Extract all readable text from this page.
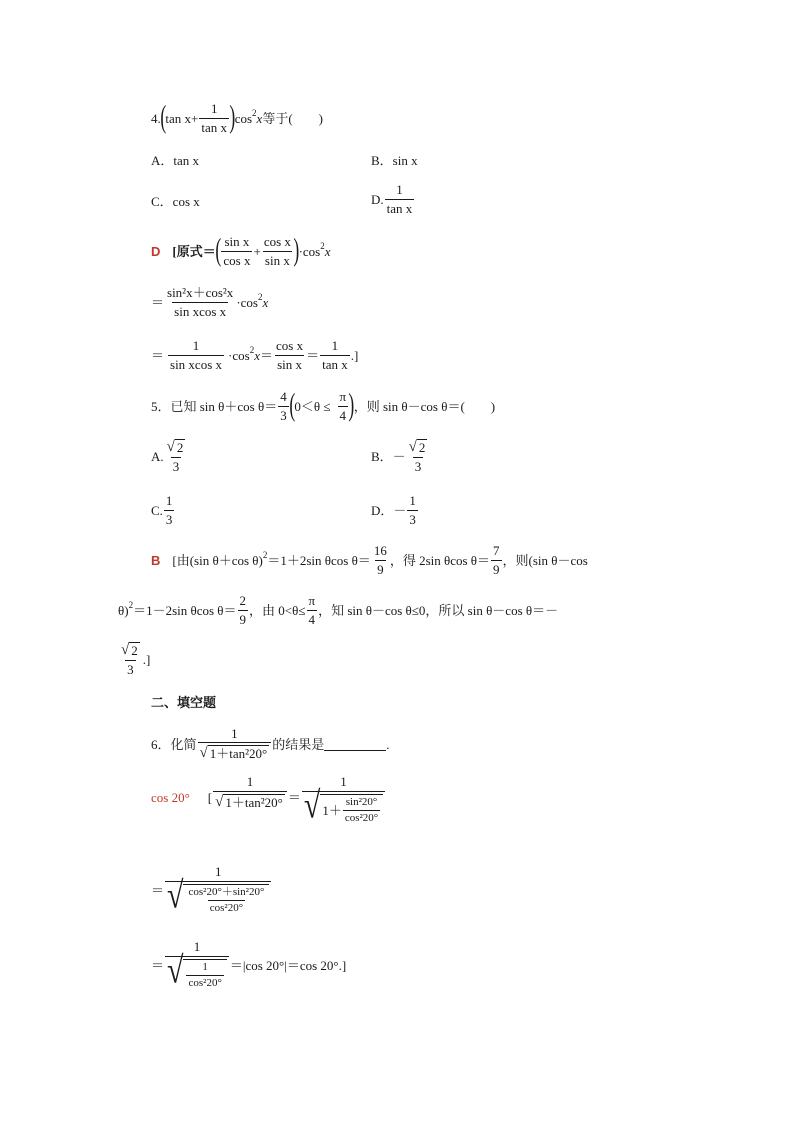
4. ( $\tan x + \frac{1}{\text{tan x}}$ ) cos 2 x 等于(　　)
A．tan x	B．sin x
C．cos x	D. $\frac{1}{\text{tan x}}$
D [原式＝ ( $\frac{\text{sin x}}{\text{cos x}} + \frac{\text{cos x}}{\text{sin x}}$ ) ·cos 2 x
＝ $\frac{\text{sin²x＋cos²x}}{\text{sin xcos x}} \cdot\cos$ 2 x
＝ $\frac{1}{\text{sin xcos x}} \cdot\cos$ 2 $x = \frac{\text{cos x}}{\text{sin x}} = \frac{1}{\text{tan x}}$ .]
5．已知 sin θ＋cos $\theta= \frac{4}{3}$ ( $0<\theta \le \frac{\pi}{4}$ ) ，则 sin θ－cos θ＝(　　)
A. $\frac{√ 2}{3}$	B．－ $\frac{√ 2}{3}$
C. $\frac{1}{3}$	D．－ $\frac{1}{3}$
B [由(sin θ＋cos θ) 2 ＝1＋2sin θcos $\theta= \frac{16}{9}$ ，得 2sin θcos $\theta= \frac{7}{9}$ ，则(sin θ－cos
θ) 2 ＝1－2sin θcos $\theta= \frac{2}{9}$ ，由 $0<\theta\le \frac{\pi}{4}$ ，知 sin θ－cos θ≤0，所以 sin θ－cos θ＝－
$\frac{√ 2}{3}$ .]
二、填空题
6．化简 $\frac{1}{\text{√ 1＋tan²20°}}$ 的结果是	.
cos 20° [ $\frac{1}{\text{√ 1＋tan²20°}} = \frac{1}{√ 1+ \frac{\text{sin²20°}}{\text{cos²20°}}}$
＝ $\frac{1}{√ \frac{\text{cos²20°＋sin²20°}}{\text{cos²20°}}}$
＝ $\frac{1}{√ \frac{1}{\text{cos²20°}}} =|\cos$ 20°|＝cos 20°.]
